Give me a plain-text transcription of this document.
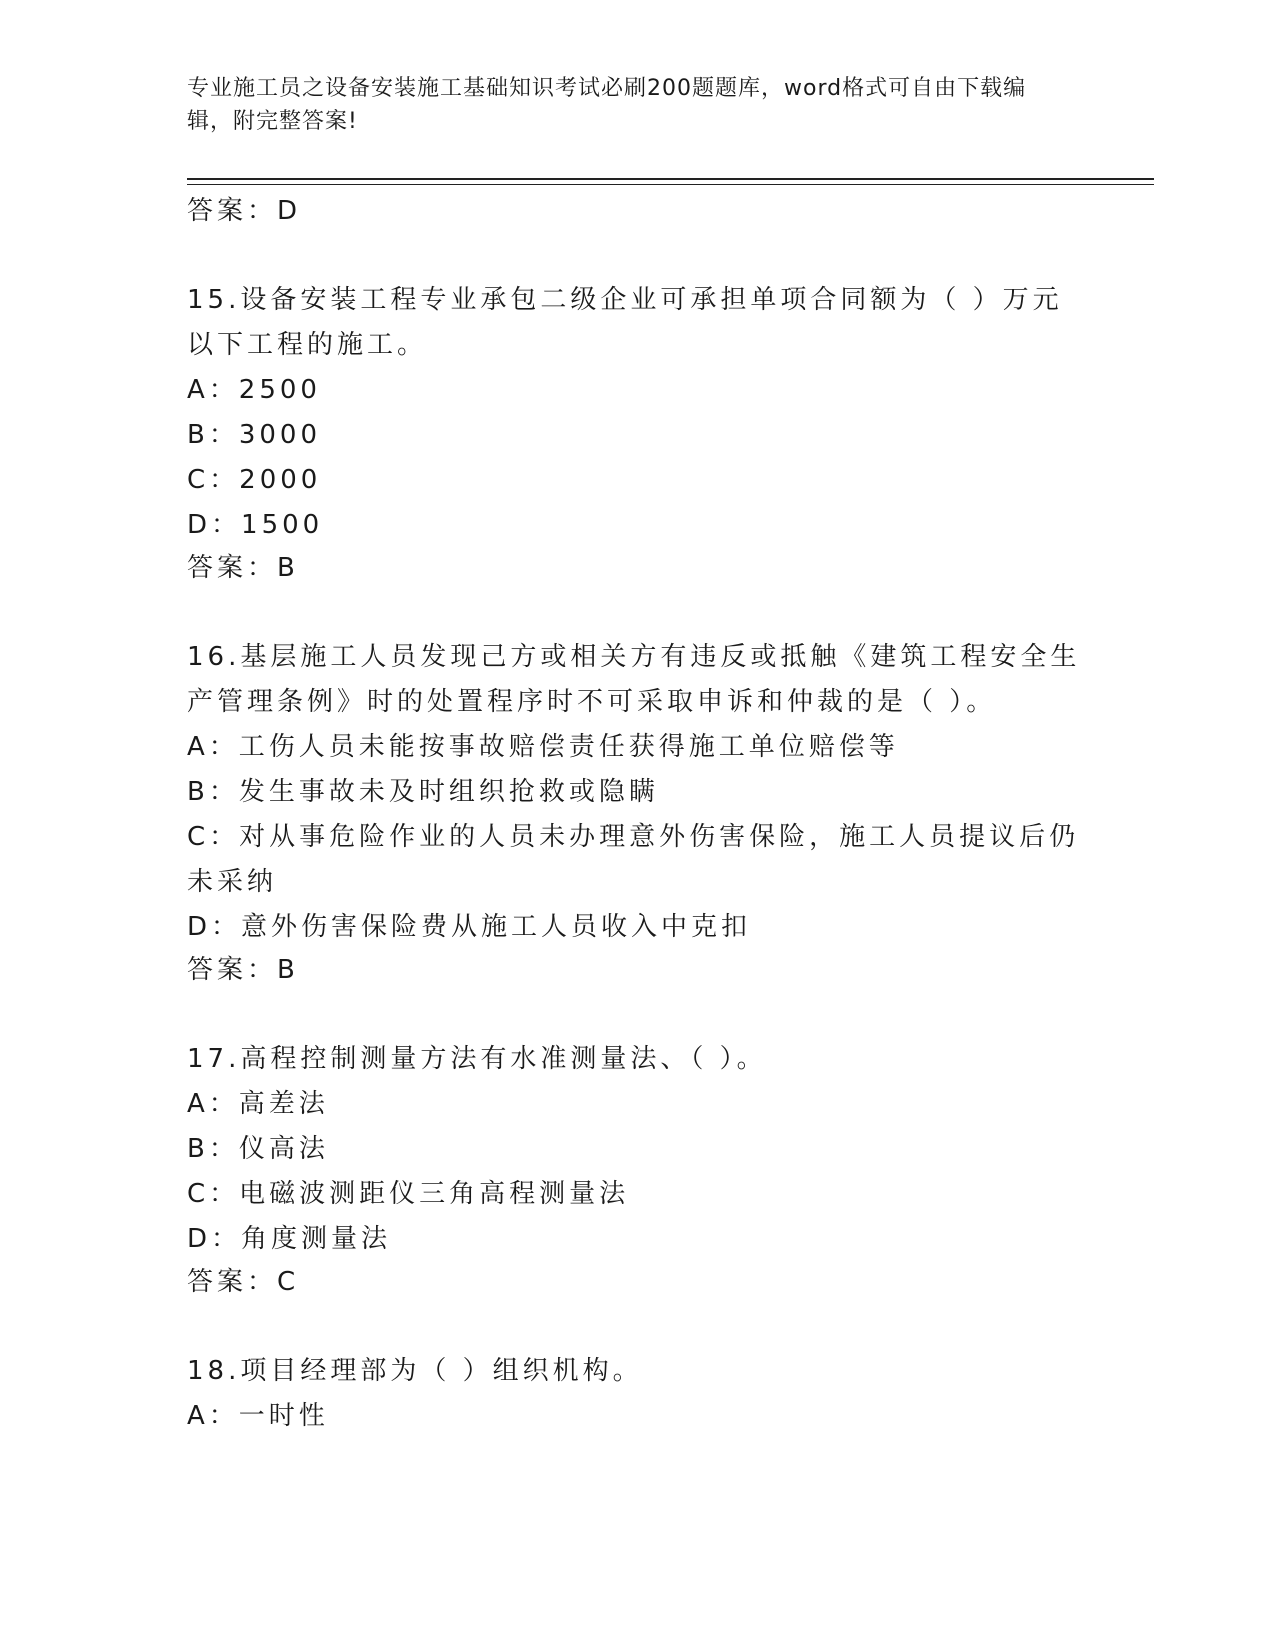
专业施工员之设备安装施工基础知识考试必刷200题题库，word格式可自由下载编辑，附完整答案!
答案：D
15.设备安装工程专业承包二级企业可承担单项合同额为（ ）万元以下工程的施工。
A：2500
B：3000
C：2000
D：1500
答案：B
16.基层施工人员发现己方或相关方有违反或抵触《建筑工程安全生产管理条例》时的处置程序时不可采取申诉和仲裁的是（ ）。
A：工伤人员未能按事故赔偿责任获得施工单位赔偿等
B：发生事故未及时组织抢救或隐瞒
C：对从事危险作业的人员未办理意外伤害保险，施工人员提议后仍未采纳
D：意外伤害保险费从施工人员收入中克扣
答案：B
17.高程控制测量方法有水准测量法、（ ）。
A：高差法
B：仪高法
C：电磁波测距仪三角高程测量法
D：角度测量法
答案：C
18.项目经理部为（ ）组织机构。
A：一时性
